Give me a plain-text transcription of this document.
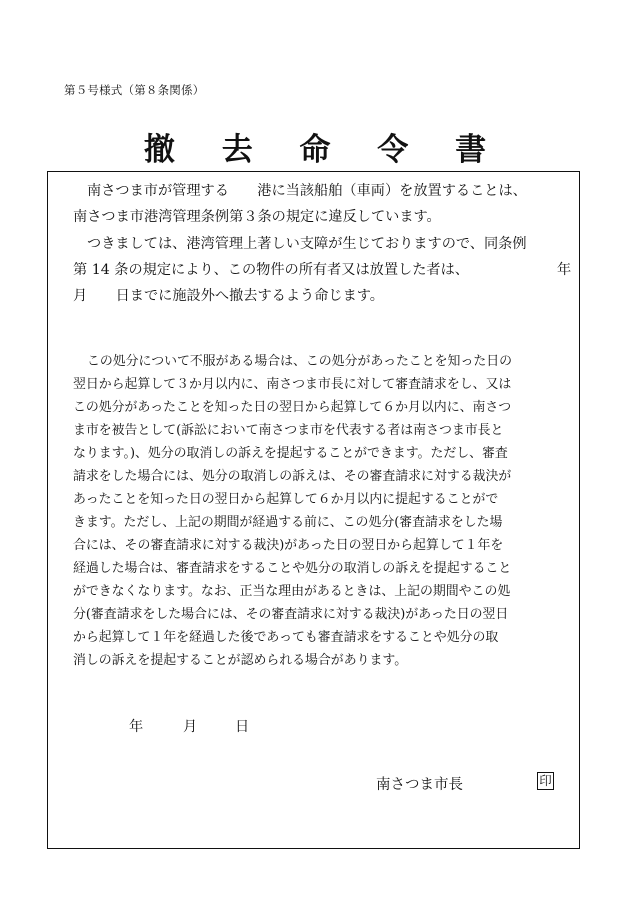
第５号様式（第８条関係）
撤 去 命 令 書
南さつま市が管理する　　港に当該船舶（車両）を放置することは、
南さつま市港湾管理条例第３条の規定に違反しています。
つきましては、港湾管理上著しい支障が生じておりますので、同条例
第 14 条の規定により、この物件の所有者又は放置した者は、	年
月　　日までに施設外へ撤去するよう命じます。
この処分について不服がある場合は、この処分があったことを知った日の
翌日から起算して３か月以内に、南さつま市長に対して審査請求をし、又は
この処分があったことを知った日の翌日から起算して６か月以内に、南さつ
ま市を被告として(訴訟において南さつま市を代表する者は南さつま市長と
なります。)、処分の取消しの訴えを提起することができます。ただし、審査
請求をした場合には、処分の取消しの訴えは、その審査請求に対する裁決が
あったことを知った日の翌日から起算して６か月以内に提起することがで
きます。ただし、上記の期間が経過する前に、この処分(審査請求をした場
合には、その審査請求に対する裁決)があった日の翌日から起算して１年を
経過した場合は、審査請求をすることや処分の取消しの訴えを提起すること
ができなくなります。なお、正当な理由があるときは、上記の期間やこの処
分(審査請求をした場合には、その審査請求に対する裁決)があった日の翌日
から起算して１年を経過した後であっても審査請求をすることや処分の取
消しの訴えを提起することが認められる場合があります。
年	月	日
南さつま市長	印
